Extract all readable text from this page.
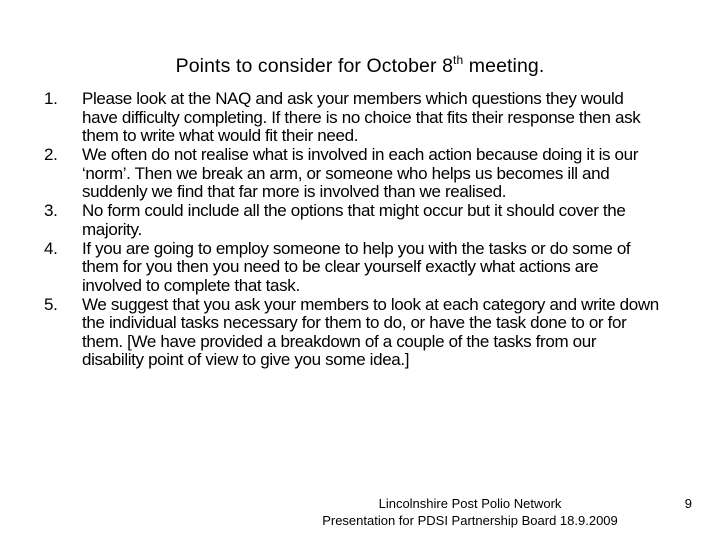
Points to consider for October 8th meeting.
1.	Please look at the NAQ and ask your members which questions they would have difficulty completing. If there is no choice that fits their response then ask them to write what would fit their need.
2.	We often do not realise what is involved in each action because doing it is our ‘norm’. Then we break an arm, or someone who helps us becomes ill and suddenly we find that far more is involved than we realised.
3.	No form could include all the options that might occur but it should cover the majority.
4.	If you are going to employ someone to help you with the tasks or do some of them for you then you need to be clear yourself exactly what actions are involved to complete that task.
5.	We suggest that you ask your members to look at each category and write down the individual tasks necessary for them to do, or have the task done to or for them. [We have provided a breakdown of a couple of the tasks from our disability point of view to give you some idea.]
Lincolnshire Post Polio Network
Presentation for PDSI Partnership Board 18.9.2009
9
